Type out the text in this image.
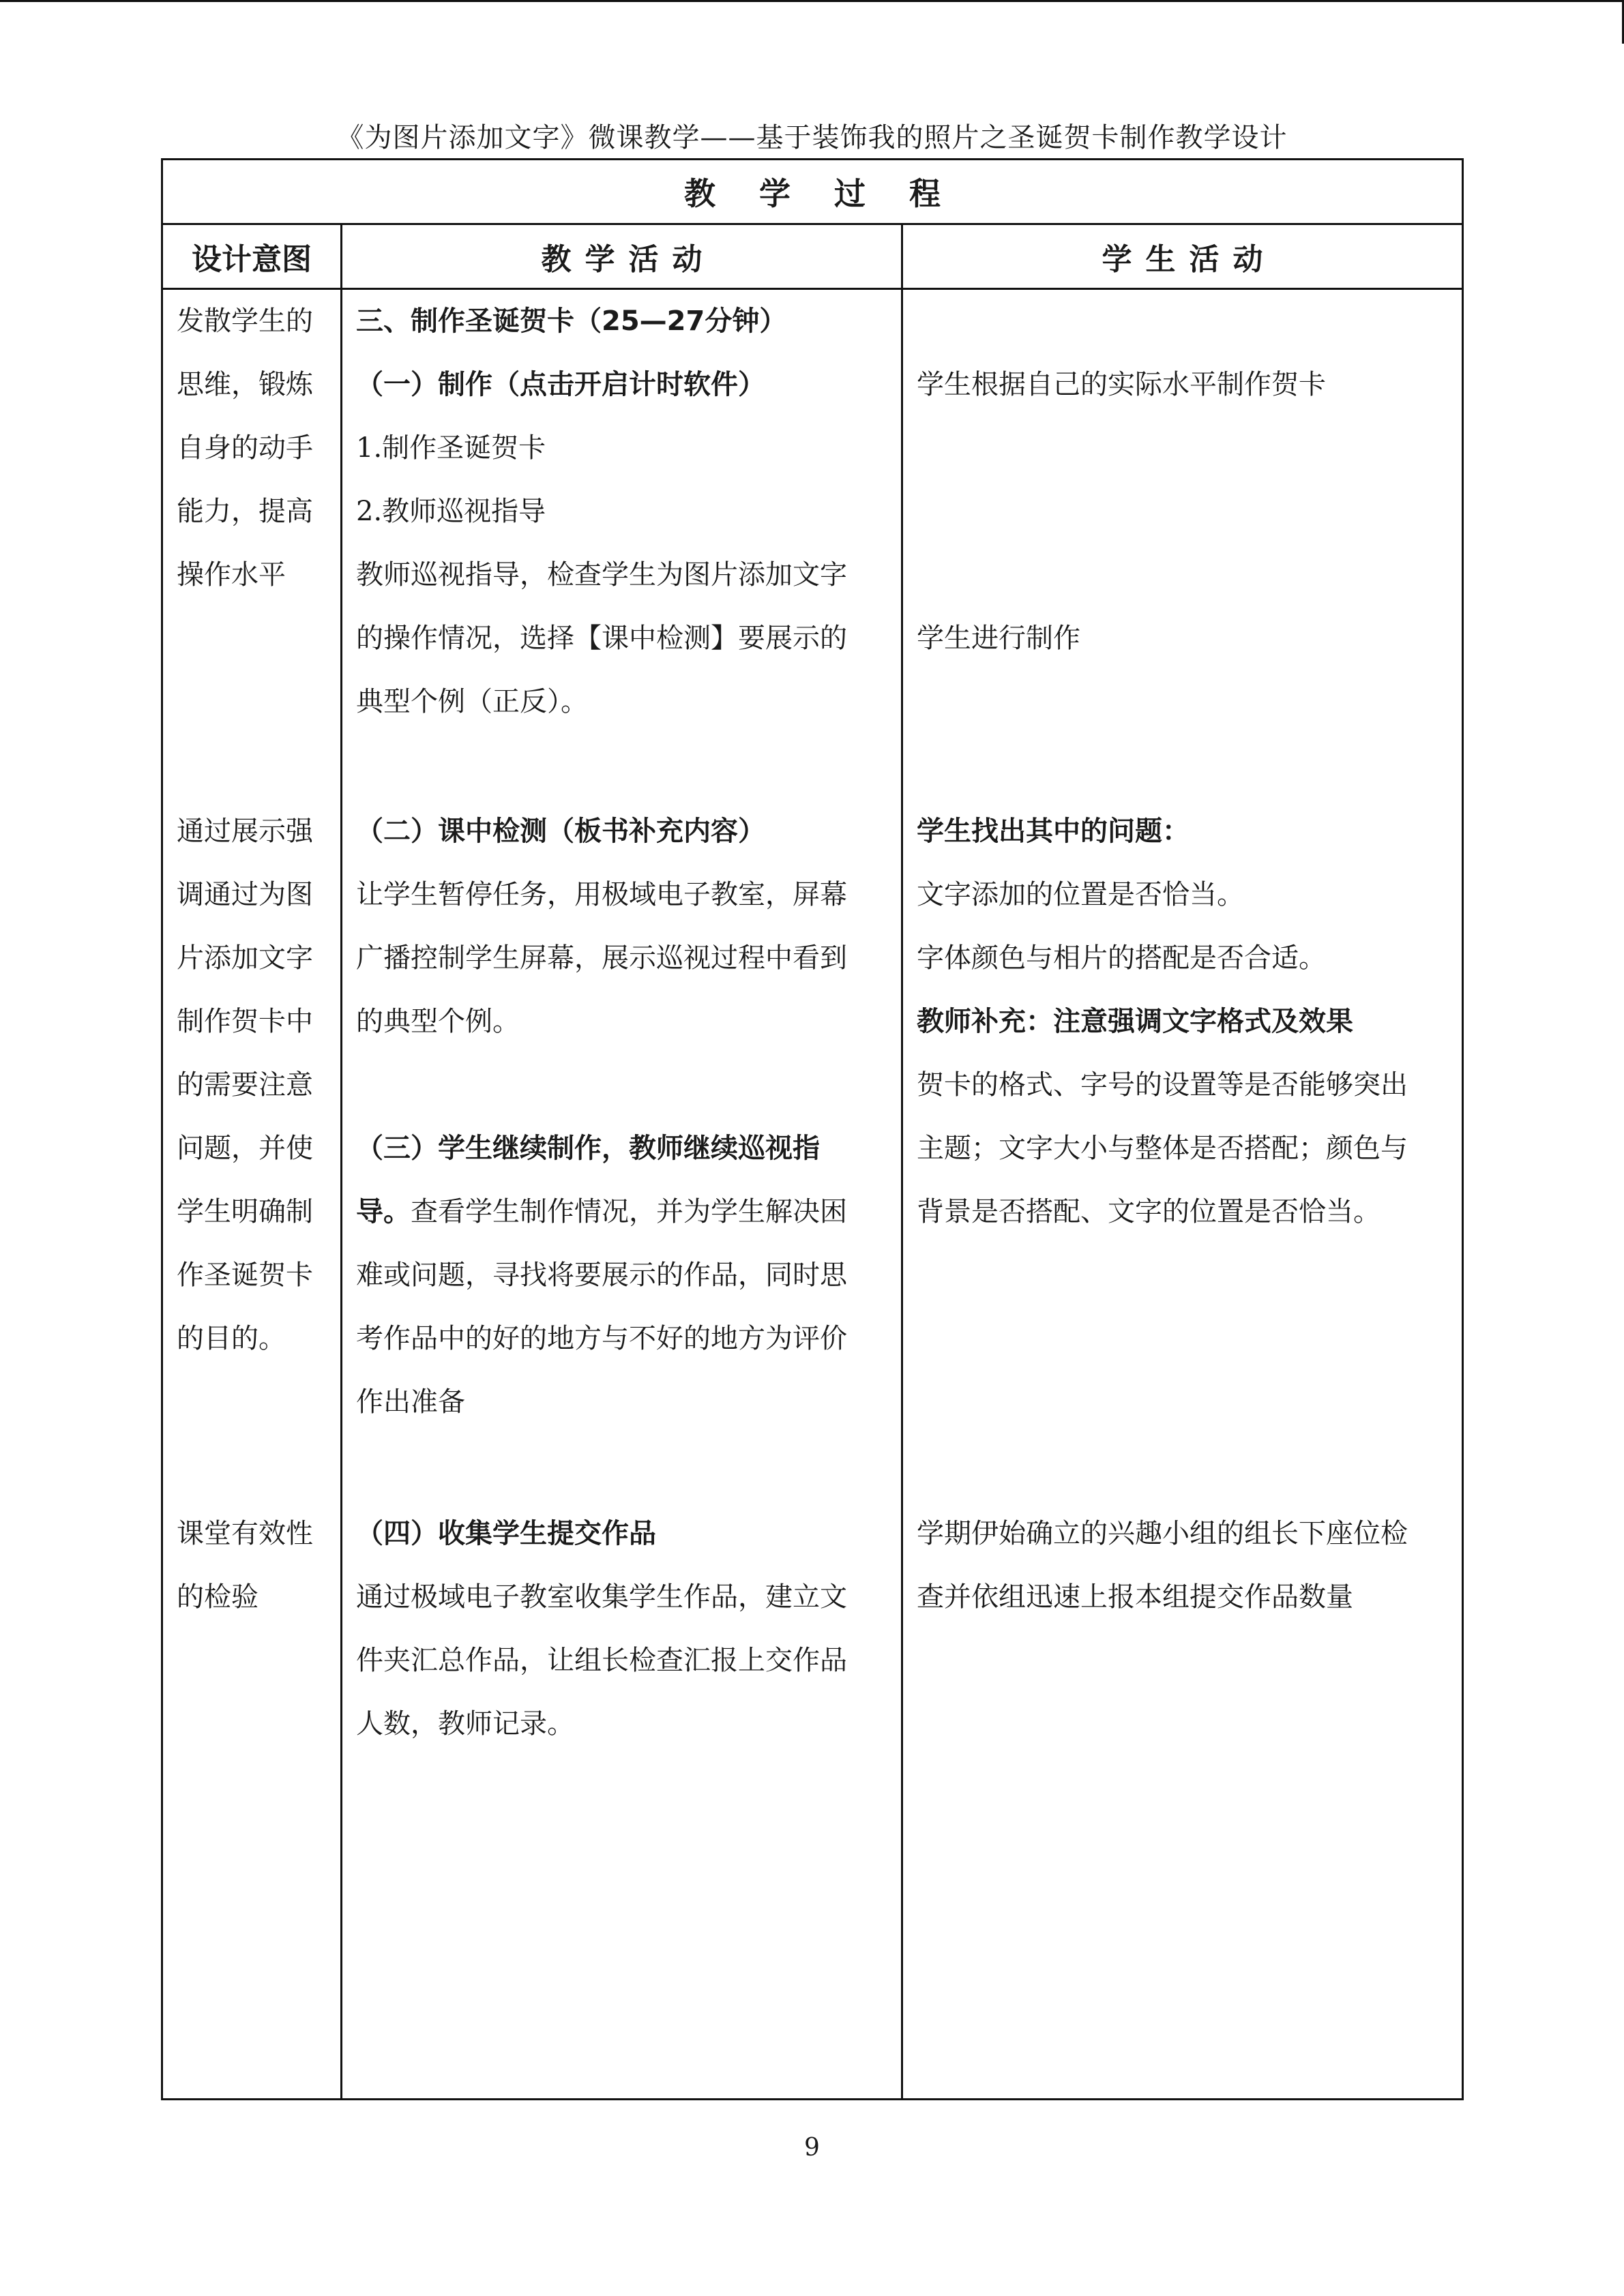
《为图片添加文字》微课教学——基于装饰我的照片之圣诞贺卡制作教学设计
教学过程
设计意图	教学活动	学生活动
发散学生的
思维，锻炼
自身的动手
能力，提高
操作水平
通过展示强
调通过为图
片添加文字
制作贺卡中
的需要注意
问题，并使
学生明确制
作圣诞贺卡
的目的。
课堂有效性
的检验
三、制作圣诞贺卡（25—27分钟）
（一）制作（点击开启计时软件）
1.制作圣诞贺卡
2.教师巡视指导
教师巡视指导，检查学生为图片添加文字
的操作情况，选择【课中检测】要展示的
典型个例（正反）。
（二）课中检测（板书补充内容）
让学生暂停任务，用极域电子教室，屏幕
广播控制学生屏幕，展示巡视过程中看到
的典型个例。
（三）学生继续制作，教师继续巡视指
导。查看学生制作情况，并为学生解决困
难或问题，寻找将要展示的作品，同时思
考作品中的好的地方与不好的地方为评价
作出准备
（四）收集学生提交作品
通过极域电子教室收集学生作品，建立文
件夹汇总作品，让组长检查汇报上交作品
人数，教师记录。
学生根据自己的实际水平制作贺卡
学生进行制作
学生找出其中的问题：
文字添加的位置是否恰当。
字体颜色与相片的搭配是否合适。
教师补充：注意强调文字格式及效果
贺卡的格式、字号的设置等是否能够突出
主题；文字大小与整体是否搭配；颜色与
背景是否搭配、文字的位置是否恰当。
学期伊始确立的兴趣小组的组长下座位检
查并依组迅速上报本组提交作品数量
9
